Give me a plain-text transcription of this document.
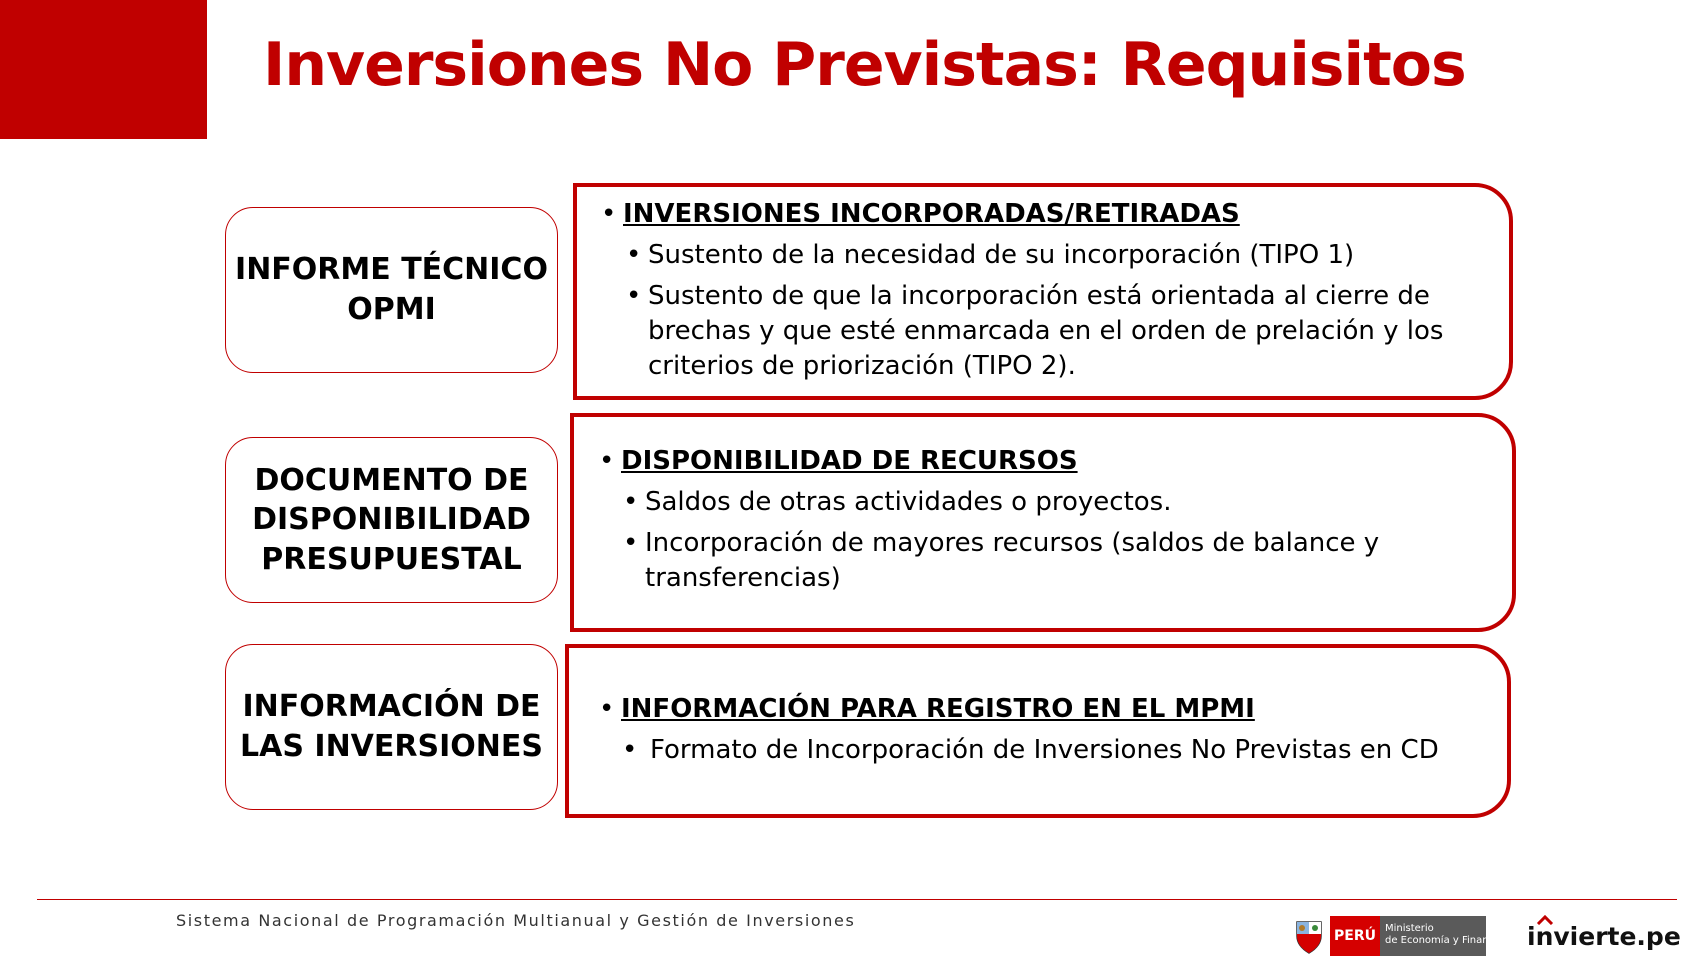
Inversiones No Previstas: Requisitos
INFORME TÉCNICO
OPMI
• INVERSIONES INCORPORADAS/RETIRADAS
• Sustento de la necesidad de su incorporación (TIPO 1)
• Sustento de que la incorporación está orientada al cierre de
brechas y que esté enmarcada en el orden de prelación y los
criterios de priorización (TIPO 2).
DOCUMENTO DE
DISPONIBILIDAD
PRESUPUESTAL
• DISPONIBILIDAD DE RECURSOS
• Saldos de otras actividades o proyectos.
• Incorporación de mayores recursos (saldos de balance y
transferencias)
INFORMACIÓN DE
LAS INVERSIONES
• INFORMACIÓN PARA REGISTRO EN EL MPMI
• Formato de Incorporación de Inversiones No Previstas en CD
Sistema Nacional de Programación Multianual y Gestión de Inversiones
PERÚ Ministerio
de Economía y Finanzas invierte.pe
